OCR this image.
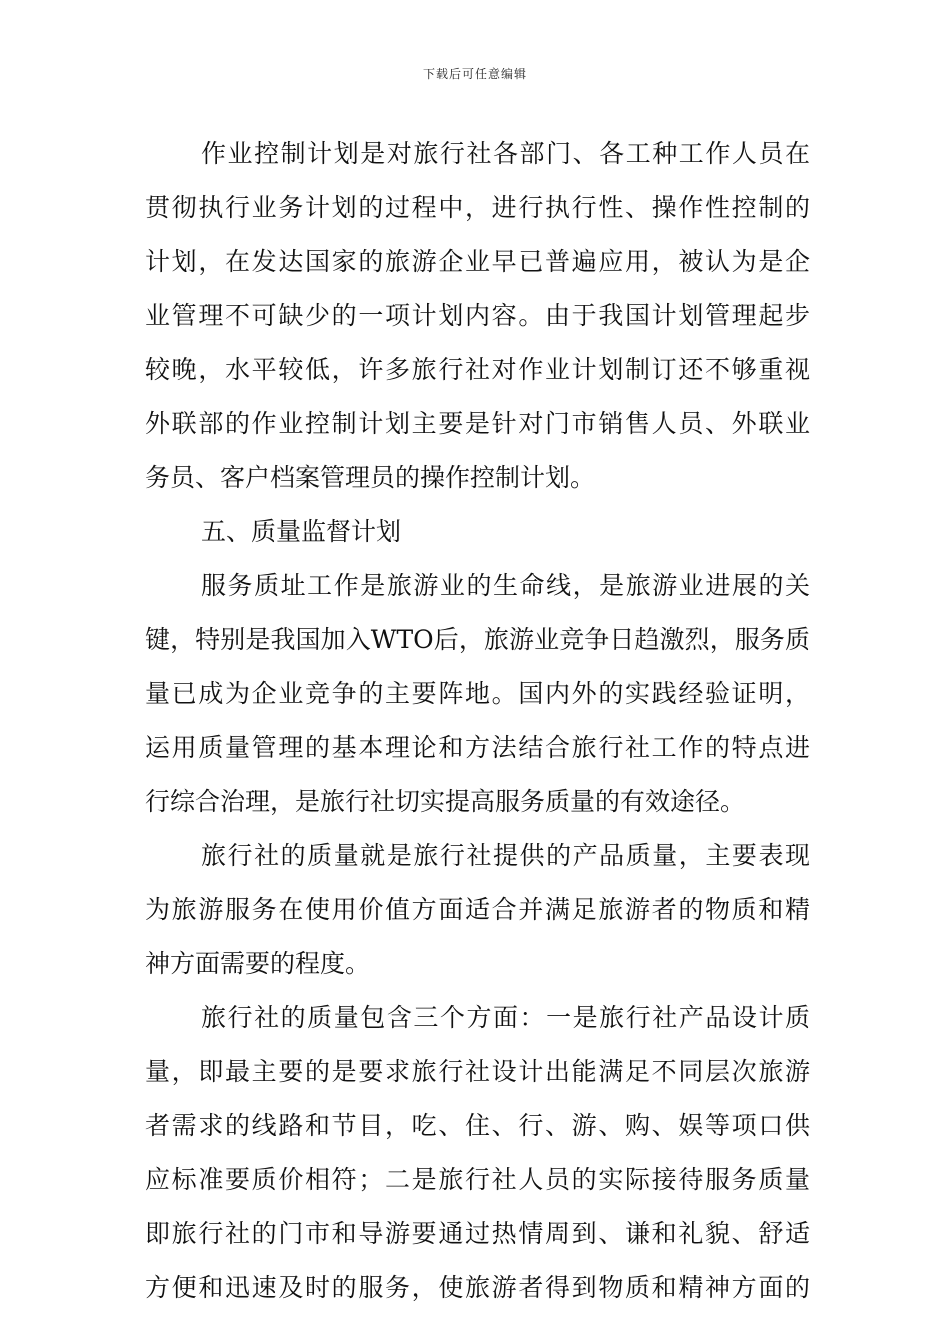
下载后可任意编辑
作业控制计划是对旅行社各部门、各工种工作人员在
贯彻执行业务计划的过程中，进行执行性、操作性控制的
计划，在发达国家的旅游企业早已普遍应用，被认为是企
业管理不可缺少的一项计划内容。由于我国计划管理起步
较晚，水平较低，许多旅行社对作业计划制订还不够重视
外联部的作业控制计划主要是针对门市销售人员、外联业
务员、客户档案管理员的操作控制计划。
五、质量监督计划
服务质址工作是旅游业的生命线，是旅游业进展的关
键，特别是我国加入WTO后，旅游业竞争日趋激烈，服务质
量已成为企业竞争的主要阵地。国内外的实践经验证明，
运用质量管理的基本理论和方法结合旅行社工作的特点进
行综合治理，是旅行社切实提高服务质量的有效途径。
旅行社的质量就是旅行社提供的产品质量，主要表现
为旅游服务在使用价值方面适合并满足旅游者的物质和精
神方面需要的程度。
旅行社的质量包含三个方面：一是旅行社产品设计质
量，即最主要的是要求旅行社设计出能满足不同层次旅游
者需求的线路和节目，吃、住、行、游、购、娱等项口供
应标准要质价相符；二是旅行社人员的实际接待服务质量
即旅行社的门市和导游要通过热情周到、谦和礼貌、舒适
方便和迅速及时的服务，使旅游者得到物质和精神方面的
